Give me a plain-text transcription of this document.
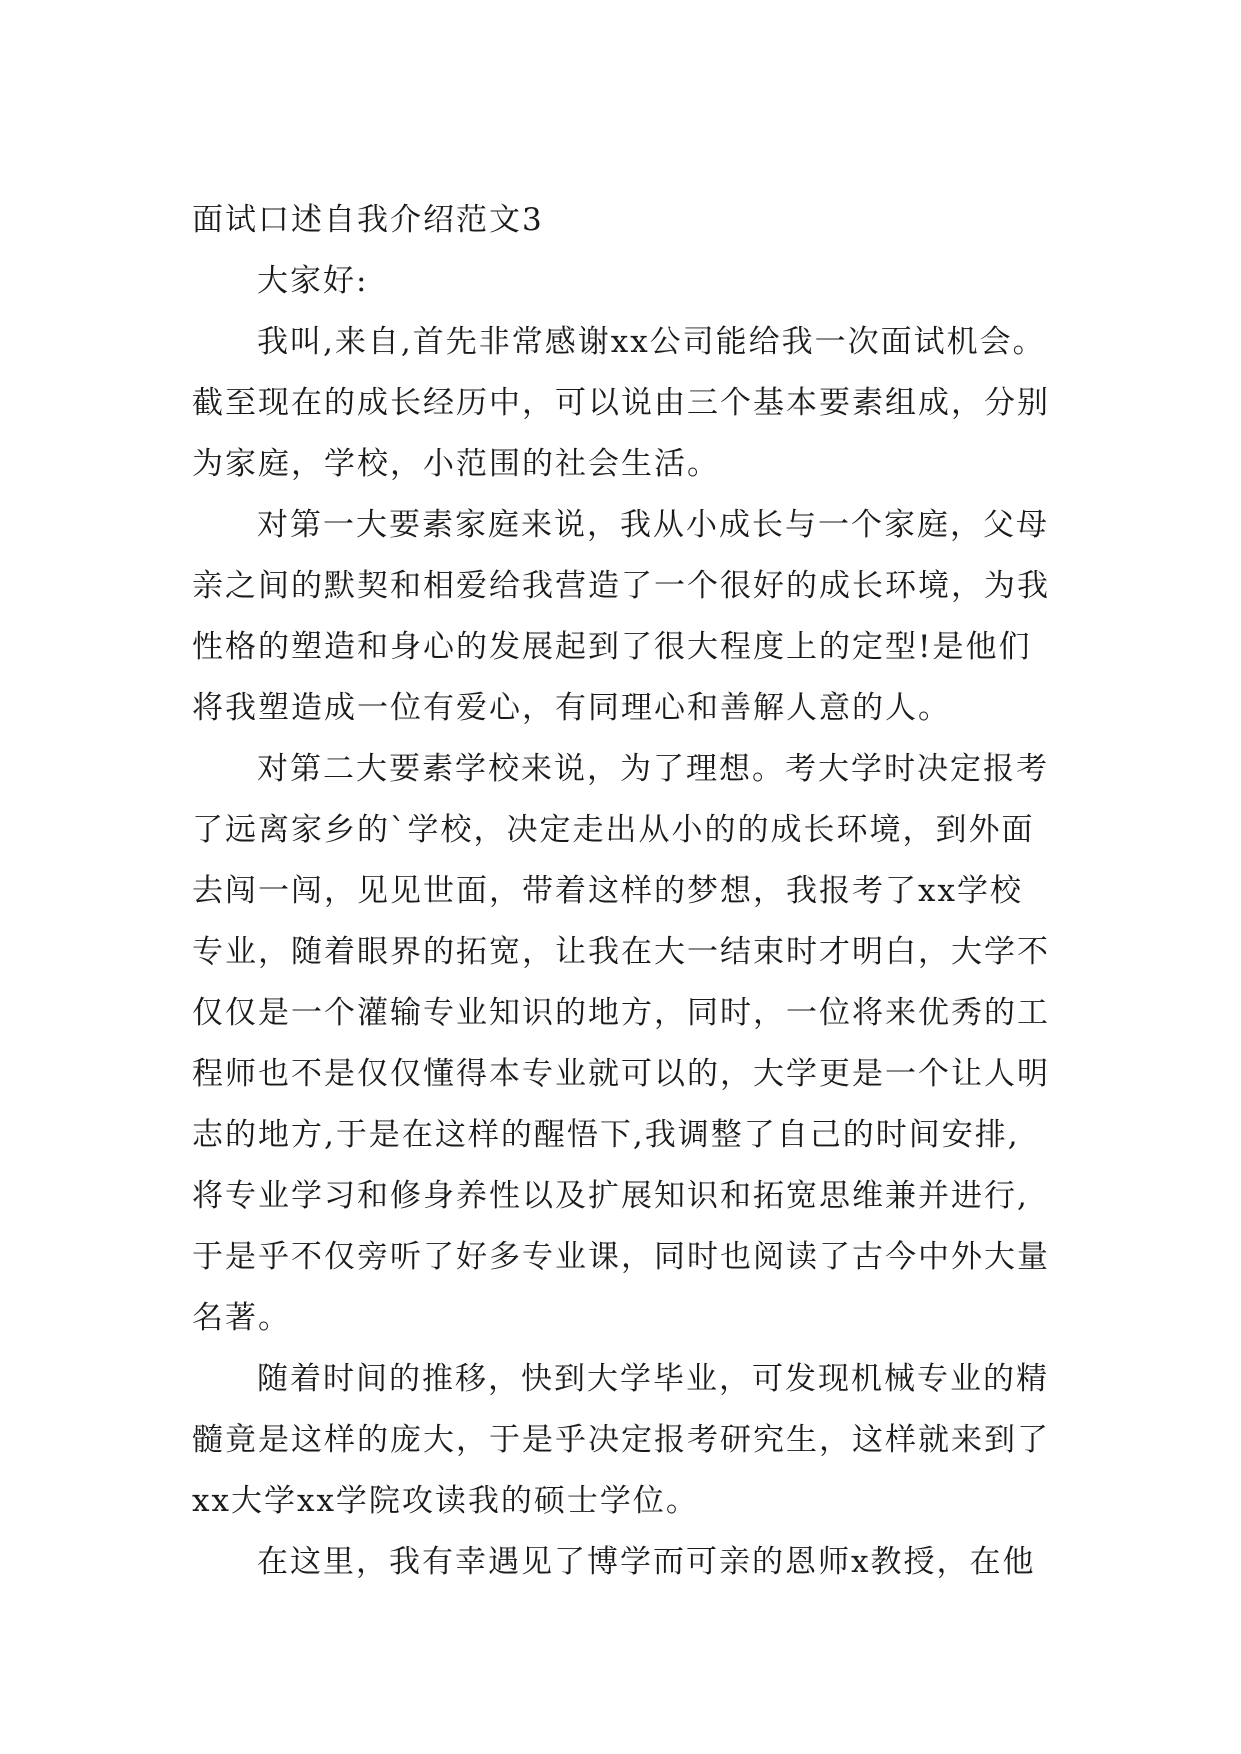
面试口述自我介绍范文3
大家好:
我叫,来自,首先非常感谢xx公司能给我一次面试机会。
截至现在的成长经历中，可以说由三个基本要素组成，分别
为家庭，学校，小范围的社会生活。
对第一大要素家庭来说，我从小成长与一个家庭，父母
亲之间的默契和相爱给我营造了一个很好的成长环境，为我
性格的塑造和身心的发展起到了很大程度上的定型!是他们
将我塑造成一位有爱心，有同理心和善解人意的人。
对第二大要素学校来说，为了理想。考大学时决定报考
了远离家乡的`学校，决定走出从小的的成长环境，到外面
去闯一闯，见见世面，带着这样的梦想，我报考了xx学校
专业，随着眼界的拓宽，让我在大一结束时才明白，大学不
仅仅是一个灌输专业知识的地方，同时，一位将来优秀的工
程师也不是仅仅懂得本专业就可以的，大学更是一个让人明
志的地方,于是在这样的醒悟下,我调整了自己的时间安排,
将专业学习和修身养性以及扩展知识和拓宽思维兼并进行,
于是乎不仅旁听了好多专业课，同时也阅读了古今中外大量
名著。
随着时间的推移，快到大学毕业，可发现机械专业的精
髓竟是这样的庞大，于是乎决定报考研究生，这样就来到了
xx大学xx学院攻读我的硕士学位。
在这里，我有幸遇见了博学而可亲的恩师x教授，在他
